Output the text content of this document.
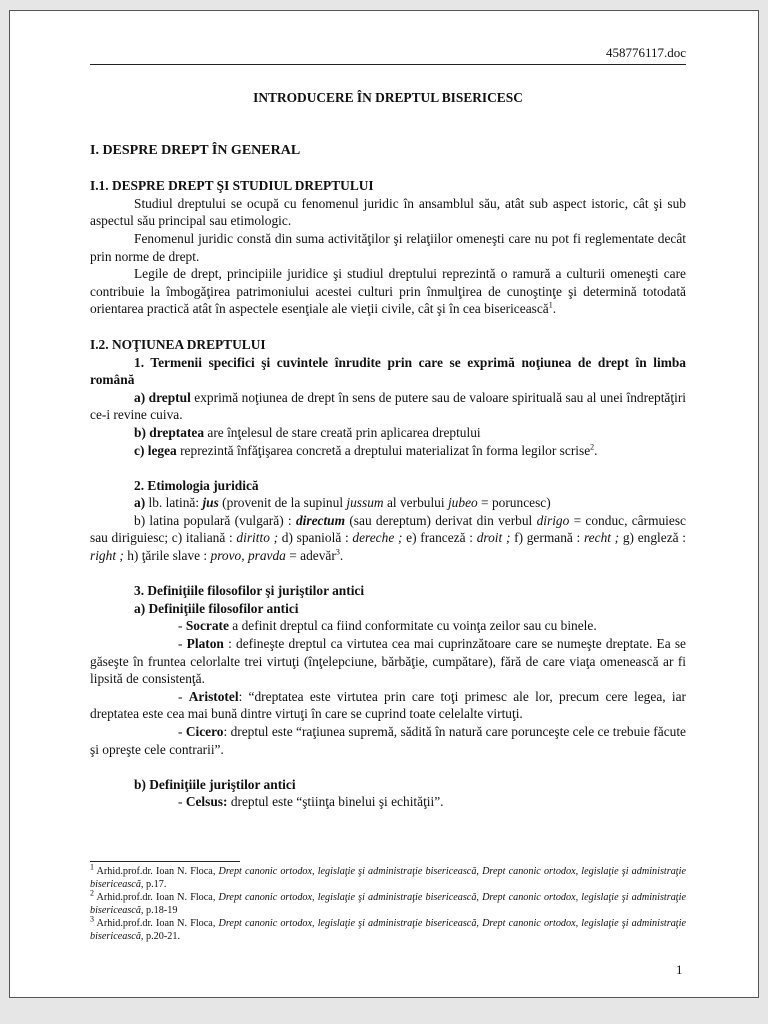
458776117.doc
INTRODUCERE ÎN DREPTUL BISERICESC
I. DESPRE DREPT ÎN GENERAL
I.1. DESPRE DREPT ŞI STUDIUL DREPTULUI
Studiul dreptului se ocupă cu fenomenul juridic în ansamblul său, atât sub aspect istoric, cât şi sub aspectul său principal sau etimologic.
Fenomenul juridic constă din suma activităţilor şi relaţiilor omeneşti care nu pot fi reglementate decât prin norme de drept.
Legile de drept, principiile juridice şi studiul dreptului reprezintă o ramură a culturii omeneşti care contribuie la îmbogăţirea patrimoniului acestei culturi prin înmulţirea de cunoştinţe şi determină totodată orientarea practică atât în aspectele esenţiale ale vieţii civile, cât şi în cea bisericească$^1$.
I.2. NOŢIUNEA DREPTULUI
1. Termenii specifici şi cuvintele înrudite prin care se exprimă noţiunea de drept în limba română
a) dreptul exprimă noţiunea de drept în sens de putere sau de valoare spirituală sau al unei îndreptăţiri ce-i revine cuiva.
b) dreptatea are înţelesul de stare creată prin aplicarea dreptului
c) legea reprezintă înfăţişarea concretă a dreptului materializat în forma legilor scrise$^2$.
2. Etimologia juridică
a) lb. latină: jus (provenit de la supinul jussum al verbului jubeo = poruncesc)
b) latina populară (vulgară) : directum (sau dereptum) derivat din verbul dirigo = conduc, cârmuiesc sau diriguiesc; c) italiană : diritto ; d) spaniolă : dereche ; e) franceză : droit ; f) germană : recht ; g) engleză : right ; h) ţările slave : provo, pravda = adevăr$^3$.
3. Definiţiile filosofilor şi juriştilor antici
a) Definiţiile filosofilor antici
- Socrate a definit dreptul ca fiind conformitate cu voinţa zeilor sau cu binele.
- Platon : defineşte dreptul ca virtutea cea mai cuprinzătoare care se numeşte dreptate. Ea se găseşte în fruntea celorlalte trei virtuţi (înţelepciune, bărbăţie, cumpătare), fără de care viaţa omenească ar fi lipsită de consistenţă.
- Aristotel: “dreptatea este virtutea prin care toţi primesc ale lor, precum cere legea, iar dreptatea este cea mai bună dintre virtuţi în care se cuprind toate celelalte virtuţi.
- Cicero: dreptul este “raţiunea supremă, sădită în natură care porunceşte cele ce trebuie făcute şi opreşte cele contrarii”.
b) Definiţiile juriştilor antici
- Celsus: dreptul este “ştiinţa binelui şi echităţii”.
$^1$ Arhid.prof.dr. Ioan N. Floca, Drept canonic ortodox, legislaţie şi administraţie bisericească, Drept canonic ortodox, legislaţie şi administraţie bisericească, p.17.
$^2$ Arhid.prof.dr. Ioan N. Floca, Drept canonic ortodox, legislaţie şi administraţie bisericească, Drept canonic ortodox, legislaţie şi administraţie bisericească, p.18-19
$^3$ Arhid.prof.dr. Ioan N. Floca, Drept canonic ortodox, legislaţie şi administraţie bisericească, Drept canonic ortodox, legislaţie şi administraţie bisericească, p.20-21.
1
